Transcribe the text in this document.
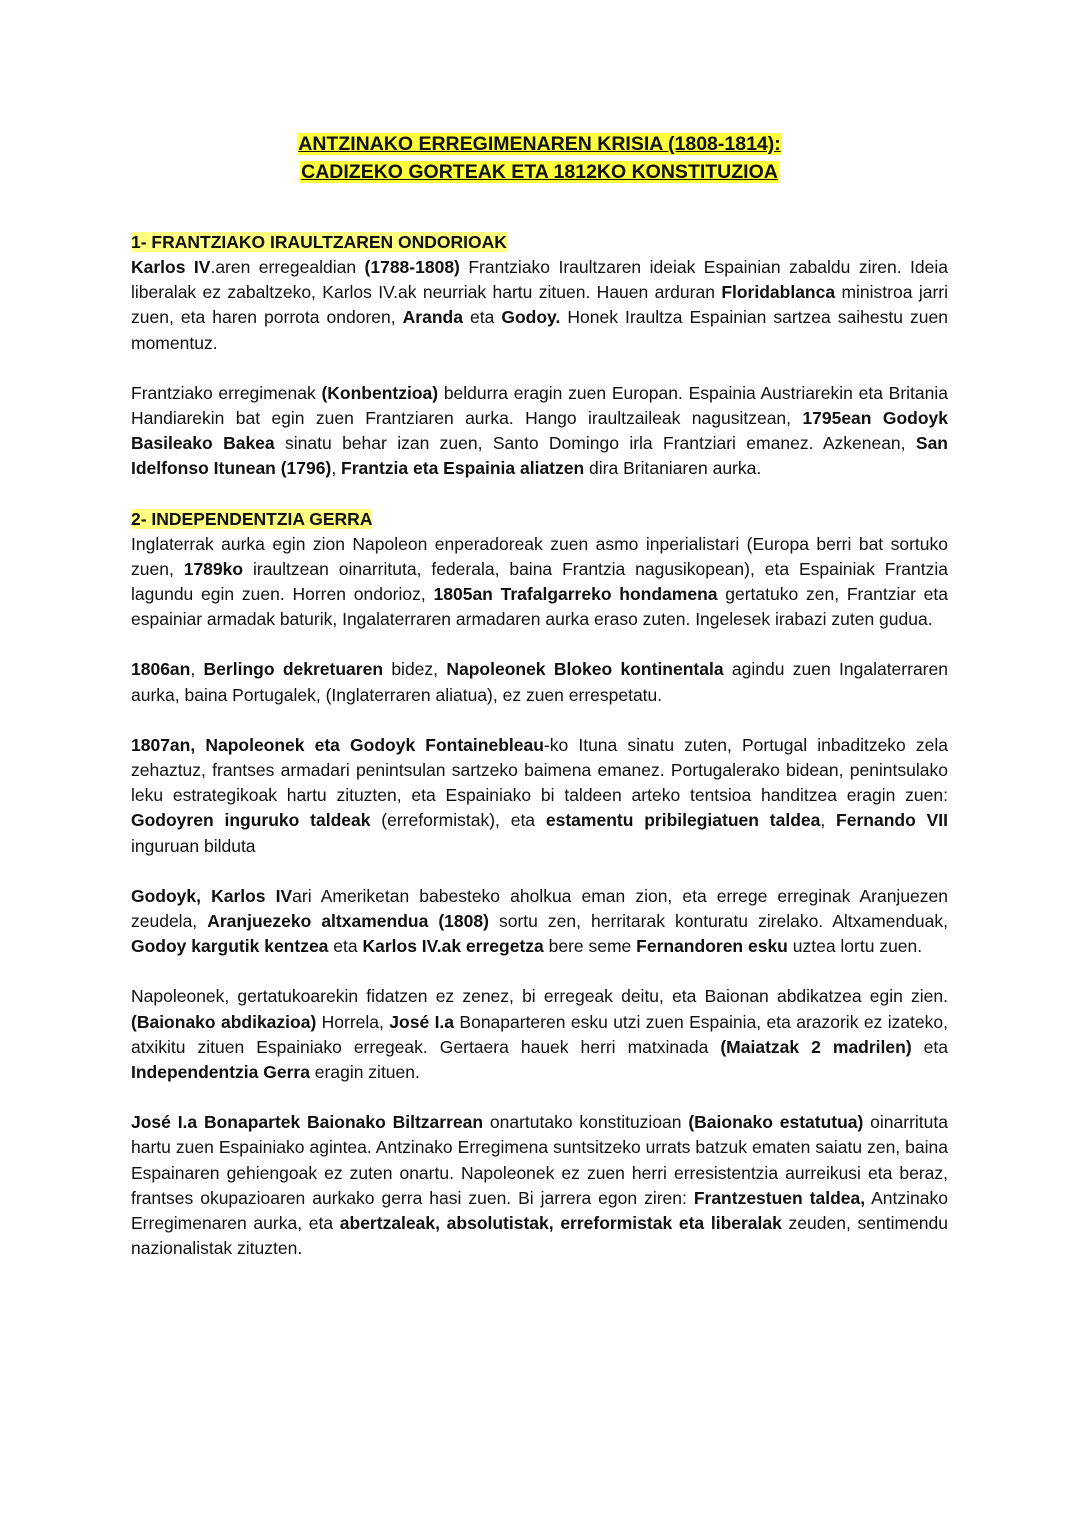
ANTZINAKO ERREGIMENAREN KRISIA (1808-1814):
CADIZEKO GORTEAK ETA 1812KO KONSTITUZIOA
1- FRANTZIAKO IRAULTZAREN ONDORIOAK

Karlos IV.aren erregealdian (1788-1808) Frantziako Iraultzaren ideiak Espainian zabaldu ziren. Ideia liberalak ez zabaltzeko, Karlos IV.ak neurriak hartu zituen. Hauen arduran Floridablanca ministroa jarri zuen, eta haren porrota ondoren, Aranda eta Godoy. Honek Iraultza Espainian sartzea saihestu zuen momentuz.

Frantziako erregimenak (Konbentzioa) beldurra eragin zuen Europan. Espainia Austriarekin eta Britania Handiarekin bat egin zuen Frantziaren aurka. Hango iraultzaileak nagusitzean, 1795ean Godoyk Basileako Bakea sinatu behar izan zuen, Santo Domingo irla Frantziari emanez. Azkenean, San Idelfonso Itunean (1796), Frantzia eta Espainia aliatzen dira Britaniaren aurka.

2- INDEPENDENTZIA GERRA

Inglaterrak aurka egin zion Napoleon enperadoreak zuen asmo inperialistari (Europa berri bat sortuko zuen, 1789ko iraultzean oinarrituta, federala, baina Frantzia nagusikopean), eta Espainiak Frantzia lagundu egin zuen. Horren ondorioz, 1805an Trafalgarreko hondamena gertatuko zen, Frantziar eta espainiar armadak baturik, Ingalaterraren armadaren aurka eraso zuten. Ingelesek irabazi zuten gudua.

1806an, Berlingo dekretuaren bidez, Napoleonek Blokeo kontinentala agindu zuen Ingalaterraren aurka, baina Portugalek, (Inglaterraren aliatua), ez zuen errespetatu.

1807an, Napoleonek eta Godoyk Fontainebleau-ko Ituna sinatu zuten, Portugal inbaditzeko zela zehaztuz, frantses armadari penintsulan sartzeko baimena emanez. Portugalerako bidean, penintsulako leku estrategikoak hartu zituzten, eta Espainiako bi taldeen arteko tentsioa handitzea eragin zuen: Godoyren inguruko taldeak (erreformistak), eta estamentu pribilegiatuen taldea, Fernando VII inguruan bilduta

Godoyk, Karlos IVari Ameriketan babesteko aholkua eman zion, eta errege erreginak Aranjuezen zeudela, Aranjuezeko altxamendua (1808) sortu zen, herritarak konturatu zirelako. Altxamenduak, Godoy kargutik kentzea eta Karlos IV.ak erregetza bere seme Fernandoren esku uztea lortu zuen.

Napoleonek, gertatukoarekin fidatzen ez zenez, bi erregeak deitu, eta Baionan abdikatzea egin zien. (Baionako abdikazioa) Horrela, José I.a Bonaparteren esku utzi zuen Espainia, eta arazorik ez izateko, atxikitu zituen Espainiako erregeak. Gertaera hauek herri matxinada (Maiatzak 2 madrilen) eta Independentzia Gerra eragin zituen.

José I.a Bonapartek Baionako Biltzarrean onartutako konstituzioan (Baionako estatutua) oinarrituta hartu zuen Espainiako agintea. Antzinako Erregimena suntsitzeko urrats batzuk ematen saiatu zen, baina Espainaren gehiengoak ez zuten onartu. Napoleonek ez zuen herri erresistentzia aurreikusi eta beraz, frantses okupazioaren aurkako gerra hasi zuen. Bi jarrera egon ziren: Frantzestuen taldea, Antzinako Erregimenaren aurka, eta abertzaleak, absolutistak, erreformistak eta liberalak zeuden, sentimendu nazionalistak zituzten.
